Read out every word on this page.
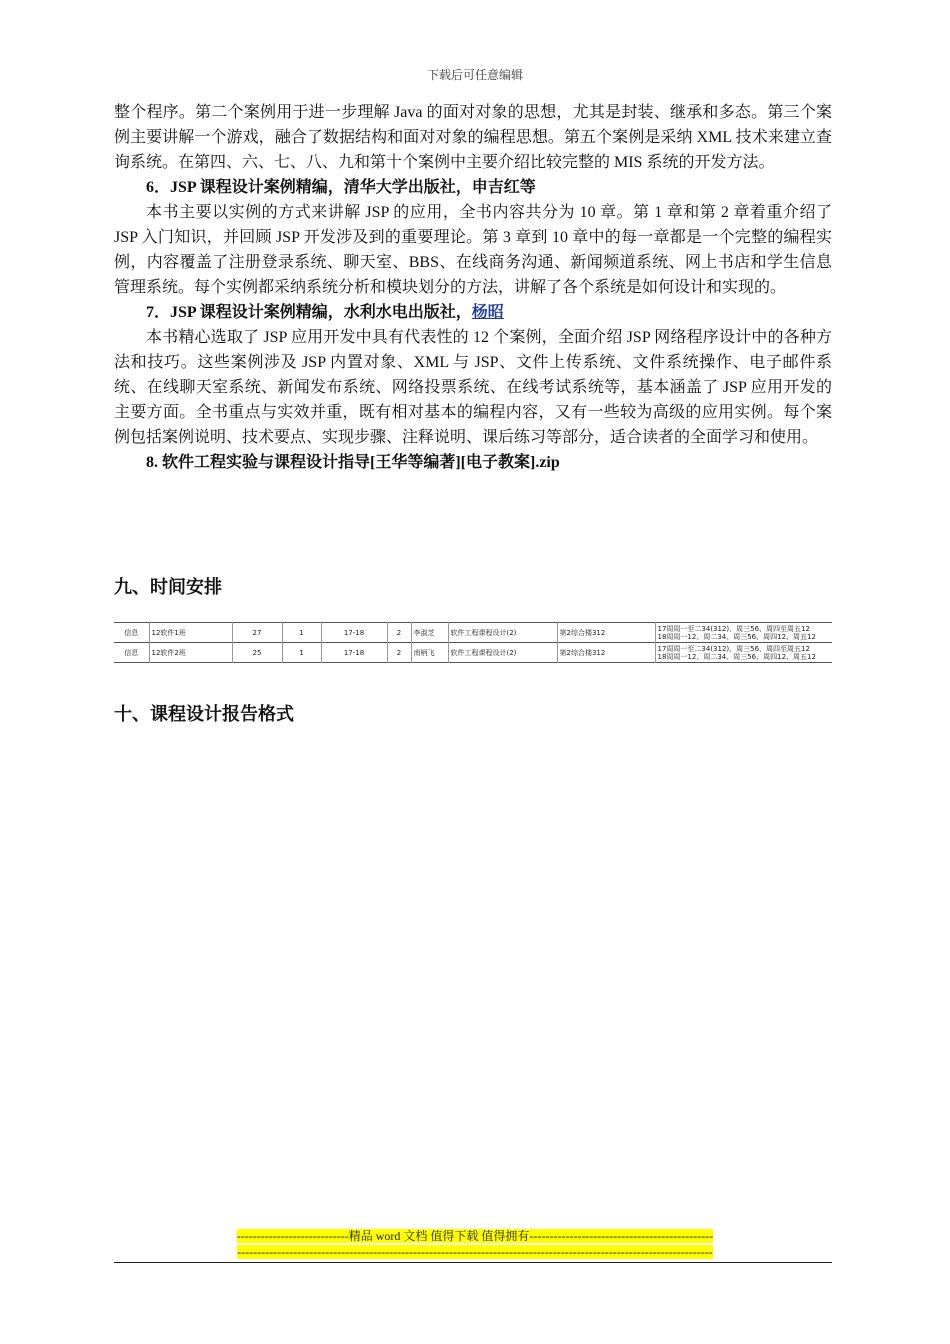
下载后可任意编辑

整个程序。第二个案例用于进一步理解 Java 的面对对象的思想，尤其是封装、继承和多态。第三个案例主要讲解一个游戏，融合了数据结构和面对对象的编程思想。第五个案例是采纳 XML 技术来建立查询系统。在第四、六、七、八、九和第十个案例中主要介绍比较完整的 MIS 系统的开发方法。

6．JSP 课程设计案例精编，清华大学出版社，申吉红等

本书主要以实例的方式来讲解 JSP 的应用，全书内容共分为 10 章。第 1 章和第 2 章着重介绍了 JSP 入门知识，并回顾 JSP 开发涉及到的重要理论。第 3 章到 10 章中的每一章都是一个完整的编程实例，内容覆盖了注册登录系统、聊天室、BBS、在线商务沟通、新闻频道系统、网上书店和学生信息管理系统。每个实例都采纳系统分析和模块划分的方法，讲解了各个系统是如何设计和实现的。

7．JSP 课程设计案例精编，水利水电出版社，杨昭

本书精心选取了 JSP 应用开发中具有代表性的 12 个案例，全面介绍 JSP 网络程序设计中的各种方法和技巧。这些案例涉及 JSP 内置对象、XML 与 JSP、文件上传系统、文件系统操作、电子邮件系统、在线聊天室系统、新闻发布系统、网络投票系统、在线考试系统等，基本涵盖了 JSP 应用开发的主要方面。全书重点与实效并重，既有相对基本的编程内容，又有一些较为高级的应用实例。每个案例包括案例说明、技术要点、实现步骤、注释说明、课后练习等部分，适合读者的全面学习和使用。

8. 软件工程实验与课程设计指导[王华等编著][电子教案].zip

九、时间安排
信息	12软件1班	27	1	17-18	2	李淑芝	软件工程课程设计(2)	第2综合楼312	17周周一至二34(312)、周三56、周四至周五12
18周周一12、周二34、周三56、周四12、周五12

信息	12软件2班	25	1	17-18	2	南柄飞	软件工程课程设计(2)	第2综合楼312	17周周一至二34(312)、周三56、周四至周五12
18周周一12、周二34、周三56、周四12、周五12
十、课程设计报告格式
----------------------------精品 word 文档 值得下载 值得拥有----------------------------------------------
-----------------------------------------------------------------------------------------------------------------------
